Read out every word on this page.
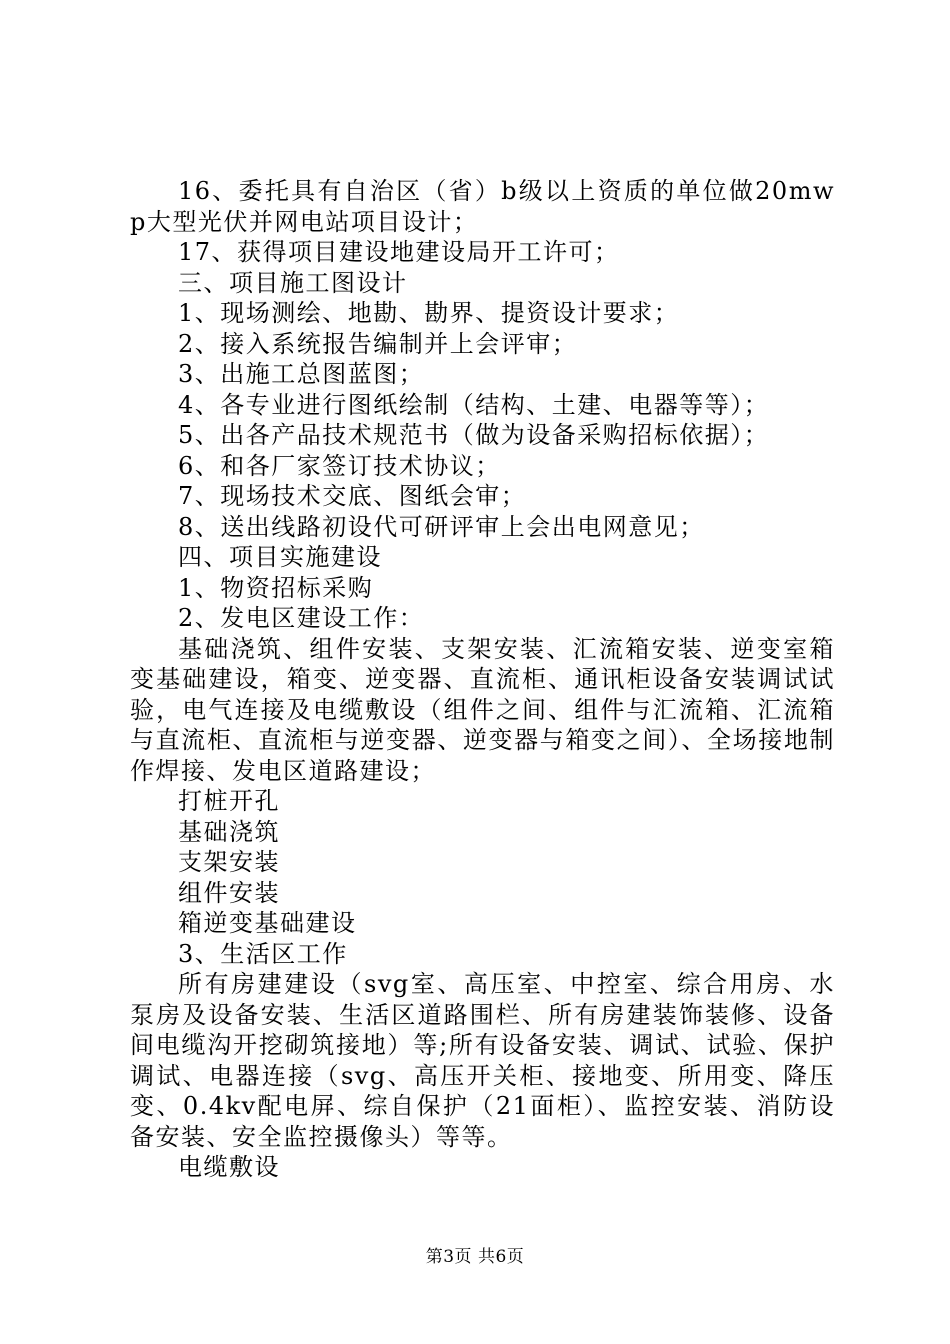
16、委托具有自治区（省）b级以上资质的单位做20mwp大型光伏并网电站项目设计；

17、获得项目建设地建设局开工许可；

三、项目施工图设计

1、现场测绘、地勘、勘界、提资设计要求；

2、接入系统报告编制并上会评审；

3、出施工总图蓝图；

4、各专业进行图纸绘制（结构、土建、电器等等）；

5、出各产品技术规范书（做为设备采购招标依据）；

6、和各厂家签订技术协议；

7、现场技术交底、图纸会审；

8、送出线路初设代可研评审上会出电网意见；

四、项目实施建设

1、物资招标采购

2、发电区建设工作：

基础浇筑、组件安装、支架安装、汇流箱安装、逆变室箱变基础建设，箱变、逆变器、直流柜、通讯柜设备安装调试试验，电气连接及电缆敷设（组件之间、组件与汇流箱、汇流箱与直流柜、直流柜与逆变器、逆变器与箱变之间）、全场接地制作焊接、发电区道路建设；

打桩开孔

基础浇筑

支架安装

组件安装

箱逆变基础建设

3、生活区工作

所有房建建设（svg室、高压室、中控室、综合用房、水泵房及设备安装、生活区道路围栏、所有房建装饰装修、设备间电缆沟开挖砌筑接地）等;所有设备安装、调试、试验、保护调试、电器连接（svg、高压开关柜、接地变、所用变、降压变、0.4kv配电屏、综自保护（21面柜）、监控安装、消防设备安装、安全监控摄像头）等等。

电缆敷设

第3页 共6页
